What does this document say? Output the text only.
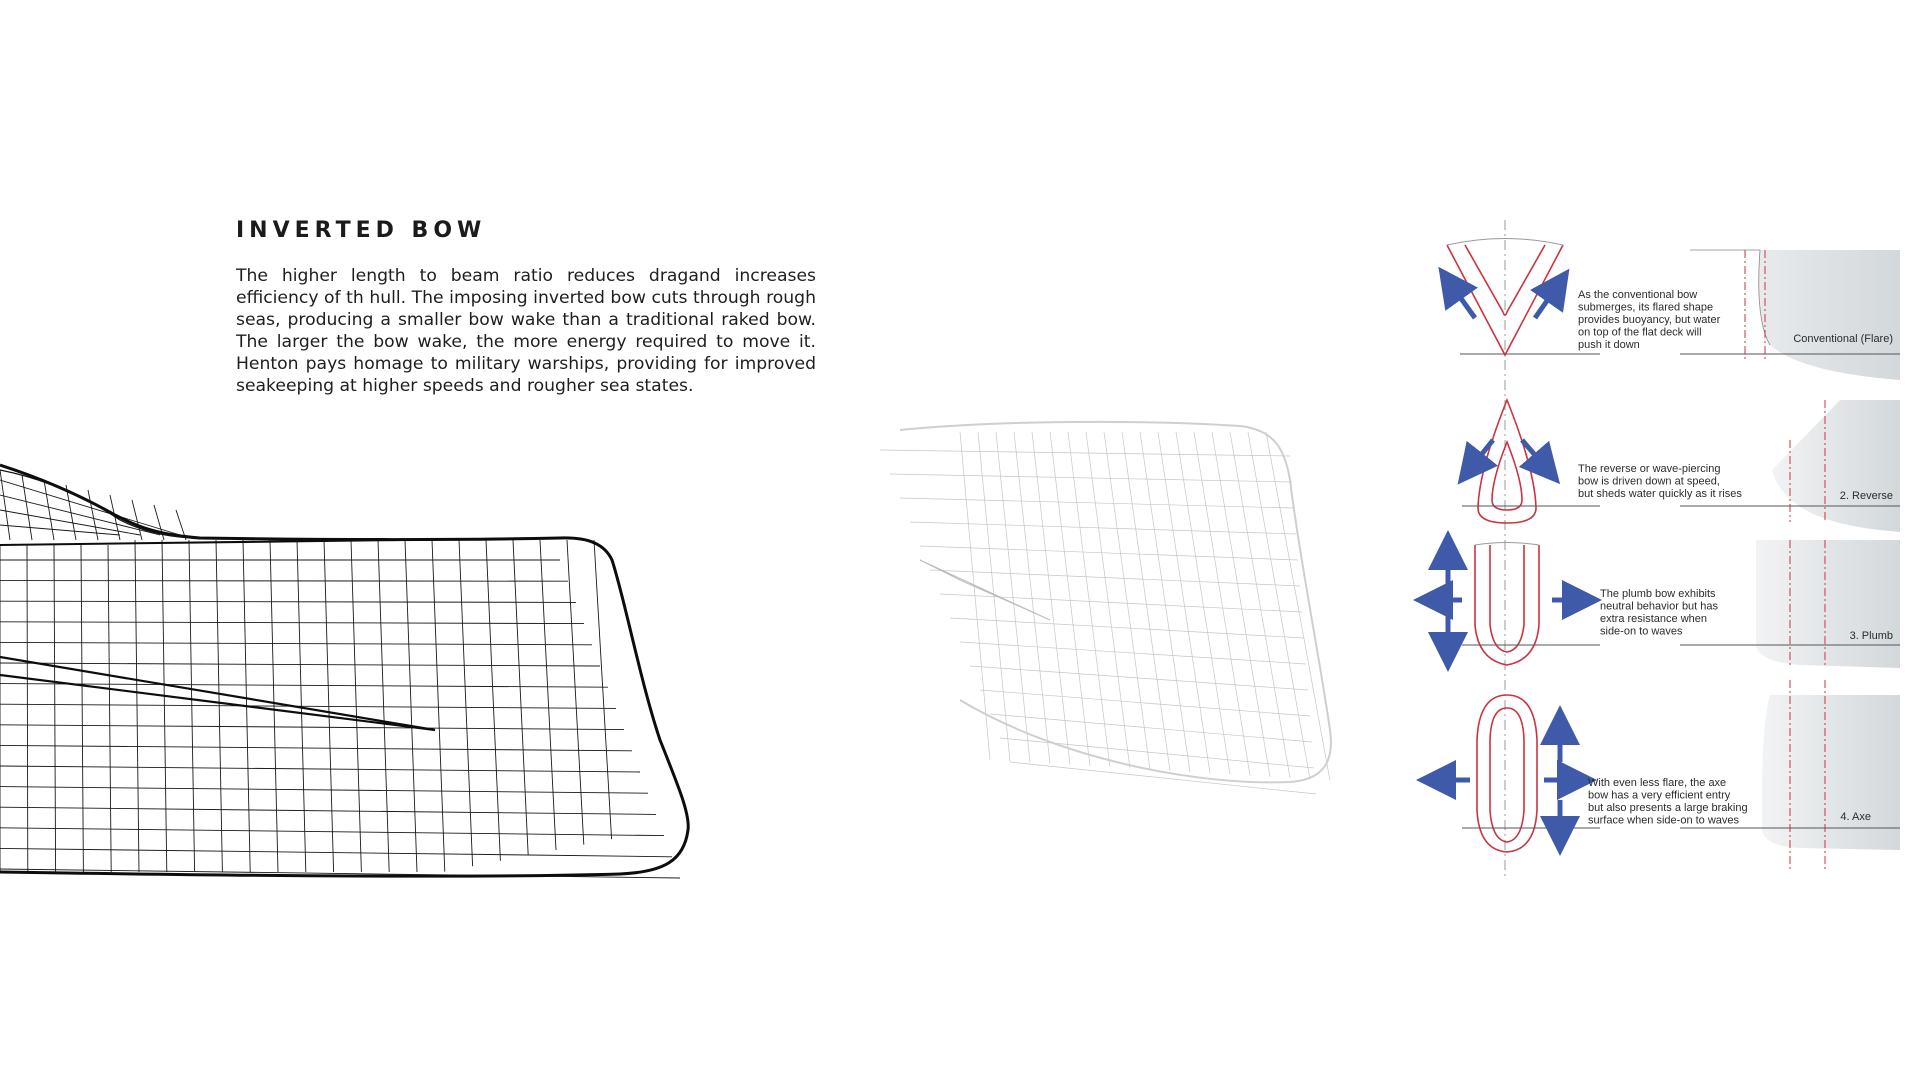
INVERTED BOW

The higher length to beam ratio reduces dragand increases efficiency of th hull. The imposing inverted bow cuts through rough seas, producing a smaller bow wake than a traditional raked bow. The larger the bow wake, the more energy required to move it. Henton pays homage to military warships, providing for improved seakeeping at higher speeds and rougher sea states.

As the conventional bow submerges, its flared shape provides buoyancy, but water on top of the flat deck will push it down	Conventional (Flare)
The reverse or wave-piercing bow is driven down at speed, but sheds water quickly as it rises	2. Reverse
The plumb bow exhibits neutral behavior but has extra resistance when side-on to waves	3. Plumb
With even less flare, the axe bow has a very efficient entry but also presents a large braking surface when side-on to waves	4. Axe
